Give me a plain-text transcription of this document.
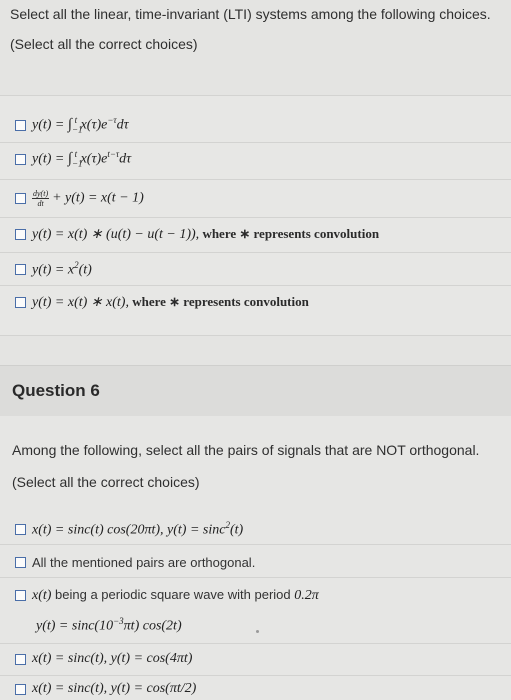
Select all the linear, time-invariant (LTI) systems among the following choices.
(Select all the correct choices)
$y(t) = \int_{-1}^t$ $x(\tau)e^{-\tau}d\tau$
$y(t) = \int_{-1}^t$ $x(\tau)e^{t-\tau}d\tau$
$\frac{dy(t)}{dt} + y(t) = x(t - 1)$
y(t) = x(t) ∗ (u(t) − u(t − 1)), where ∗ represents convolution
$y(t) = x^2(t)$
y(t) = x(t) ∗ x(t), where ∗ represents convolution
Question 6
Among the following, select all the pairs of signals that are NOT orthogonal.
(Select all the correct choices)
x(t) = sinc(t) cos(20πt), y(t) = sinc$^2$(t)
All the mentioned pairs are orthogonal.
x(t) being a periodic square wave with period 0.2π
$y(t) = \sin c(10^{-3}\pi t)$ cos(2t)
x(t) = sinc(t), y(t) = cos(4πt)
x(t) = sinc(t), y(t) = cos(πt/2)
